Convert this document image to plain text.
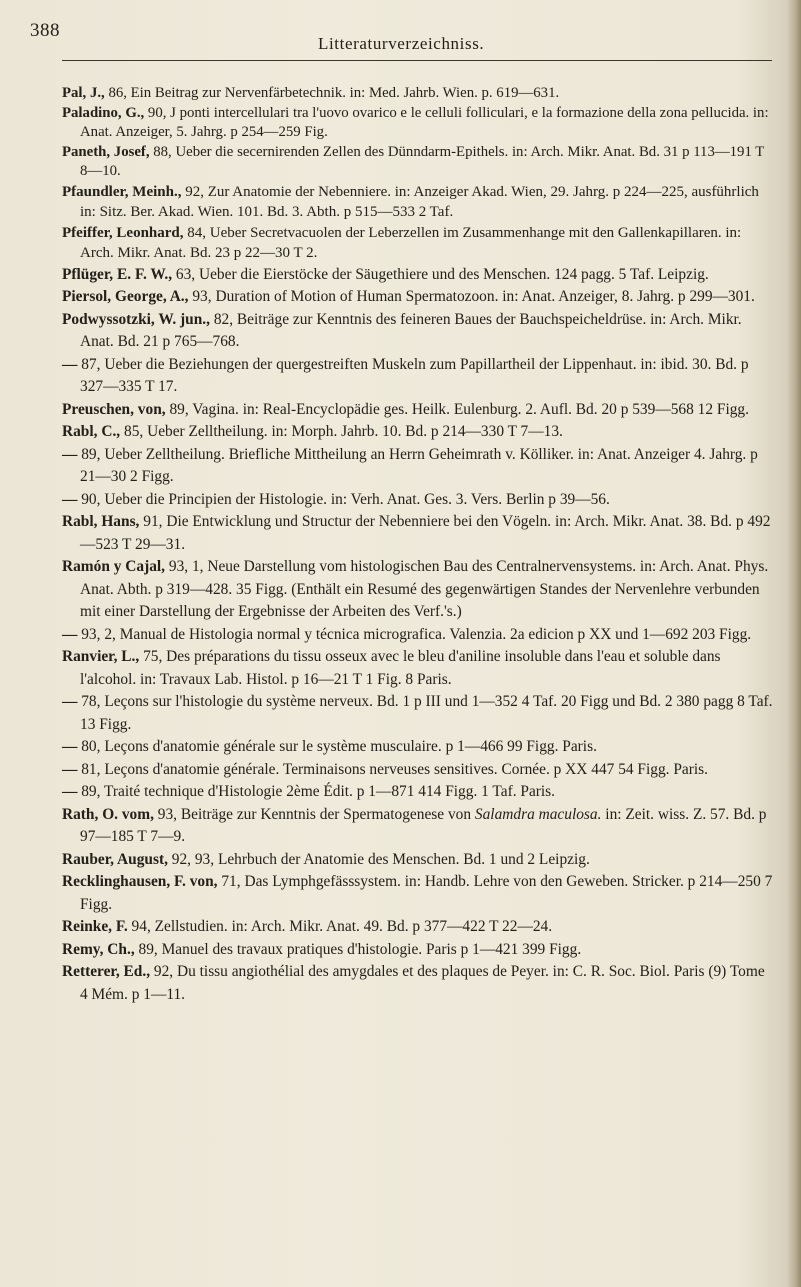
388
Litteraturverzeichniss.
Pal, J., 86, Ein Beitrag zur Nervenfärbetechnik. in: Med. Jahrb. Wien. p. 619—631.
Paladino, G., 90, J ponti intercellulari tra l'uovo ovarico e le celluli folliculari, e la formazione della zona pellucida. in: Anat. Anzeiger, 5. Jahrg. p 254—259 Fig.
Paneth, Josef, 88, Ueber die secernirenden Zellen des Dünndarm-Epithels. in: Arch. Mikr. Anat. Bd. 31 p 113—191 T 8—10.
Pfaundler, Meinh., 92, Zur Anatomie der Nebenniere. in: Anzeiger Akad. Wien, 29. Jahrg. p 224—225, ausführlich in: Sitz. Ber. Akad. Wien. 101. Bd. 3. Abth. p 515—533 2 Taf.
Pfeiffer, Leonhard, 84, Ueber Secretvacuolen der Leberzellen im Zusammenhange mit den Gallenkapillaren. in: Arch. Mikr. Anat. Bd. 23 p 22—30 T 2.
Pflüger, E. F. W., 63, Ueber die Eierstöcke der Säugethiere und des Menschen. 124 pagg. 5 Taf. Leipzig.
Piersol, George, A., 93, Duration of Motion of Human Spermatozoon. in: Anat. Anzeiger, 8. Jahrg. p 299—301.
Podwyssotzki, W. jun., 82, Beiträge zur Kenntnis des feineren Baues der Bauchspeicheldrüse. in: Arch. Mikr. Anat. Bd. 21 p 765—768.
— 87, Ueber die Beziehungen der quergestreiften Muskeln zum Papillartheil der Lippenhaut. in: ibid. 30. Bd. p 327—335 T 17.
Preuschen, von, 89, Vagina. in: Real-Encyclopädie ges. Heilk. Eulenburg. 2. Aufl. Bd. 20 p 539—568 12 Figg.
Rabl, C., 85, Ueber Zelltheilung. in: Morph. Jahrb. 10. Bd. p 214—330 T 7—13.
— 89, Ueber Zelltheilung. Briefliche Mittheilung an Herrn Geheimrath v. Kölliker. in: Anat. Anzeiger 4. Jahrg. p 21—30 2 Figg.
— 90, Ueber die Principien der Histologie. in: Verh. Anat. Ges. 3. Vers. Berlin p 39—56.
Rabl, Hans, 91, Die Entwicklung und Structur der Nebenniere bei den Vögeln. in: Arch. Mikr. Anat. 38. Bd. p 492—523 T 29—31.
Ramón y Cajal, 93, 1, Neue Darstellung vom histologischen Bau des Centralnervensystems. in: Arch. Anat. Phys. Anat. Abth. p 319—428. 35 Figg. (Enthält ein Resumé des gegenwärtigen Standes der Nervenlehre verbunden mit einer Darstellung der Ergebnisse der Arbeiten des Verf.'s.)
— 93, 2, Manual de Histologia normal y técnica micrografica. Valenzia. 2a edicion p XX und 1—692 203 Figg.
Ranvier, L., 75, Des préparations du tissu osseux avec le bleu d'aniline insoluble dans l'eau et soluble dans l'alcohol. in: Travaux Lab. Histol. p 16—21 T 1 Fig. 8 Paris.
— 78, Leçons sur l'histologie du système nerveux. Bd. 1 p III und 1—352 4 Taf. 20 Figg und Bd. 2 380 pagg 8 Taf. 13 Figg.
— 80, Leçons d'anatomie générale sur le système musculaire. p 1—466 99 Figg. Paris.
— 81, Leçons d'anatomie générale. Terminaisons nerveuses sensitives. Cornée. p XX 447 54 Figg. Paris.
— 89, Traité technique d'Histologie 2ème Édit. p 1—871 414 Figg. 1 Taf. Paris.
Rath, O. vom, 93, Beiträge zur Kenntnis der Spermatogenese von Salamdra maculosa. in: Zeit. wiss. Z. 57. Bd. p 97—185 T 7—9.
Rauber, August, 92, 93, Lehrbuch der Anatomie des Menschen. Bd. 1 und 2 Leipzig.
Recklinghausen, F. von, 71, Das Lymphgefässsystem. in: Handb. Lehre von den Geweben. Stricker. p 214—250 7 Figg.
Reinke, F. 94, Zellstudien. in: Arch. Mikr. Anat. 49. Bd. p 377—422 T 22—24.
Remy, Ch., 89, Manuel des travaux pratiques d'histologie. Paris p 1—421 399 Figg.
Retterer, Ed., 92, Du tissu angiothélial des amygdales et des plaques de Peyer. in: C. R. Soc. Biol. Paris (9) Tome 4 Mém. p 1—11.
